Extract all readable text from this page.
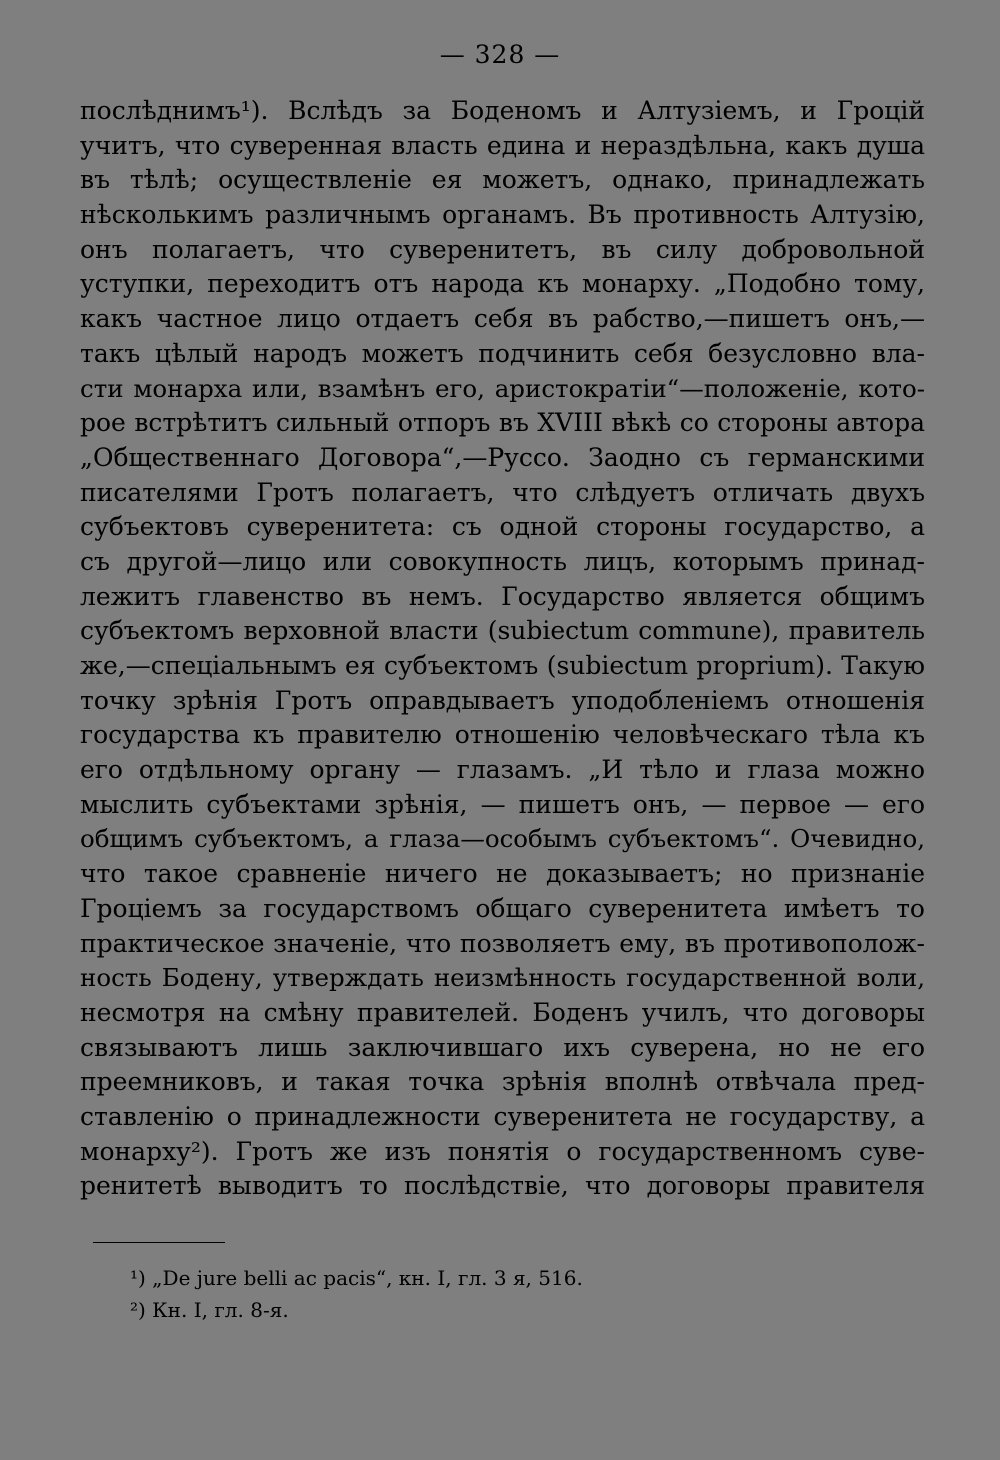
— 328 —
послѣднимъ¹). Вслѣдъ за Боденомъ и Алтузіемъ, и Гроцій
учитъ, что суверенная власть едина и нераздѣльна, какъ душа
въ тѣлѣ; осуществленіе ея можетъ, однако, принадлежать
нѣсколькимъ различнымъ органамъ. Въ противность Алтузію,
онъ полагаетъ, что суверенитетъ, въ силу добровольной
уступки, переходитъ отъ народа къ монарху. „Подобно тому,
какъ частное лицо отдаетъ себя въ рабство,—пишетъ онъ,—
такъ цѣлый народъ можетъ подчинить себя безусловно вла-
сти монарха или, взамѣнъ его, аристократіи“—положеніе, кото-
рое встрѣтитъ сильный отпоръ въ XVIII вѣкѣ со стороны автора
„Общественнаго Договора“,—Руссо. Заодно съ германскими
писателями Гротъ полагаетъ, что слѣдуетъ отличать двухъ
субъектовъ суверенитета: съ одной стороны государство, а
съ другой—лицо или совокупность лицъ, которымъ принад-
лежитъ главенство въ немъ. Государство является общимъ
субъектомъ верховной власти (subiectum commune), правитель
же,—спеціальнымъ ея субъектомъ (subiectum proprium). Такую
точку зрѣнія Гротъ оправдываетъ уподобленіемъ отношенія
государства къ правителю отношенію человѣческаго тѣла къ
его отдѣльному органу — глазамъ. „И тѣло и глаза можно
мыслить субъектами зрѣнія, — пишетъ онъ, — первое — его
общимъ субъектомъ, а глаза—особымъ субъектомъ“. Очевидно,
что такое сравненіе ничего не доказываетъ; но признаніе
Гроціемъ за государствомъ общаго суверенитета имѣетъ то
практическое значеніе, что позволяетъ ему, въ противополож-
ность Бодену, утверждать неизмѣнность государственной воли,
несмотря на смѣну правителей. Боденъ училъ, что договоры
связываютъ лишь заключившаго ихъ суверена, но не его
преемниковъ, и такая точка зрѣнія вполнѣ отвѣчала пред-
ставленію о принадлежности суверенитета не государству, а
монарху²). Гротъ же изъ понятія о государственномъ суве-
ренитетѣ выводитъ то послѣдствіе, что договоры правителя
¹) „De jure belli ac pacis“, кн. I, гл. 3 я, 516.
²) Кн. I, гл. 8-я.
